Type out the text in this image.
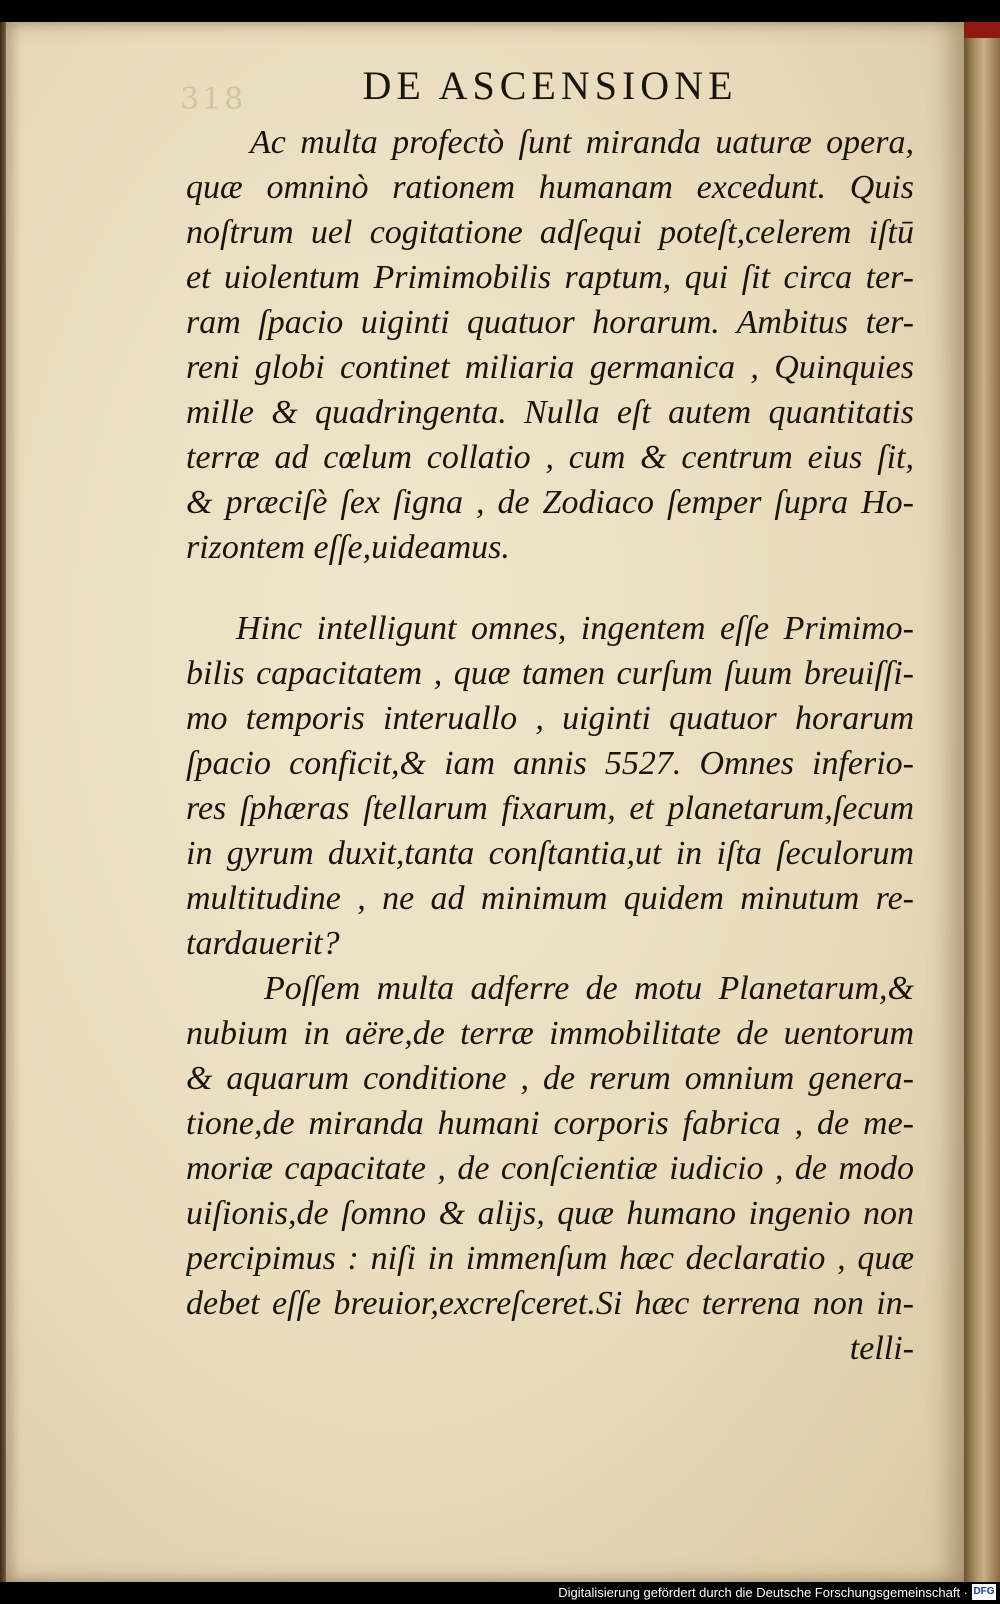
318	DE ASCENSIONE
Ac multa profectò ſunt miranda uaturæ opera,
quæ omninò rationem humanam excedunt. Quis
noſtrum uel cogitatione adſequi poteſt,celerem iſtū
et uiolentum Primimobilis raptum, qui ſit circa ter-
ram ſpacio uiginti quatuor horarum. Ambitus ter-
reni globi continet miliaria germanica , Quinquies
mille & quadringenta. Nulla eſt autem quantitatis
terræ ad cœlum collatio , cum & centrum eius ſit,
& præciſè ſex ſigna , de Zodiaco ſemper ſupra Ho-
rizontem eſſe,uideamus.
Hinc intelligunt omnes, ingentem eſſe Primimo-
bilis capacitatem , quæ tamen curſum ſuum breuiſſi-
mo temporis interuallo , uiginti quatuor horarum
ſpacio conficit,& iam annis 5527. Omnes inferio-
res ſphæras ſtellarum fixarum, et planetarum,ſecum
in gyrum duxit,tanta conſtantia,ut in iſta ſeculorum
multitudine , ne ad minimum quidem minutum re-
tardauerit?
Poſſem multa adferre de motu Planetarum,&
nubium in aëre,de terræ immobilitate de uentorum
& aquarum conditione , de rerum omnium genera-
tione,de miranda humani corporis fabrica , de me-
moriæ capacitate , de conſcientiæ iudicio , de modo
uiſionis,de ſomno & alijs, quæ humano ingenio non
percipimus : niſi in immenſum hæc declaratio , quæ
debet eſſe breuior,excreſceret.Si hæc terrena non in-
telli-
Digitalisierung gefördert durch die Deutsche Forschungsgemeinschaft · DFG
